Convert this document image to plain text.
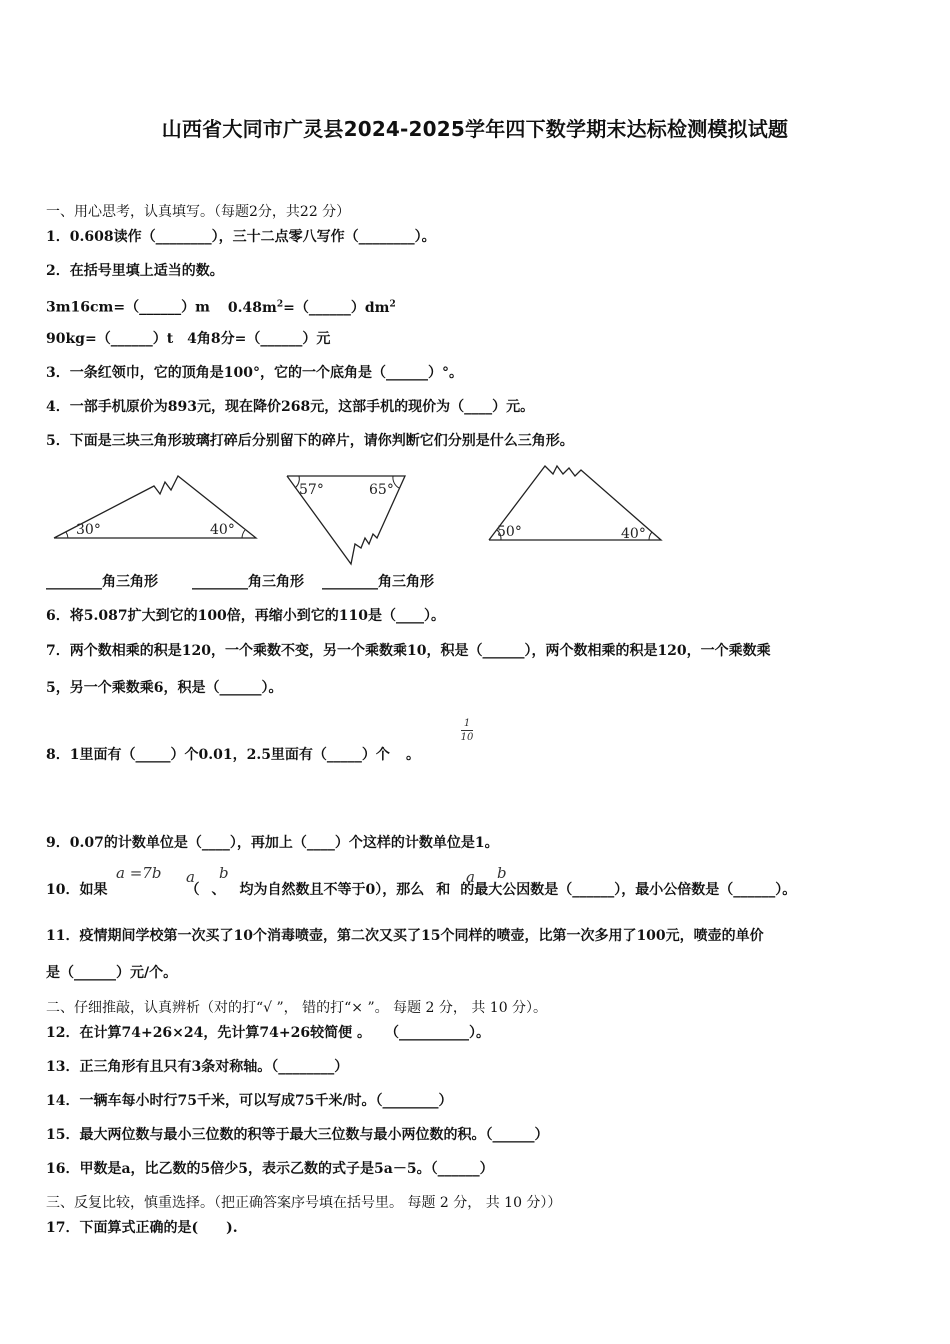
山西省大同市广灵县2024-2025学年四下数学期末达标检测模拟试题
一、用心思考，认真填写。（每题2分，共22 分）
1．0.608读作（________），三十二点零八写作（________）。
2．在括号里填上适当的数。
3m16cm=（______）m $0.48m^2=(\_\_\_\_\_\_)dm^2$
90kg=（______）t 4角8分=（______）元
3．一条红领巾，它的顶角是100°，它的一个底角是（______）°。
4．一部手机原价为893元，现在降价268元，这部手机的现价为（____）元。
5．下面是三块三角形玻璃打碎后分别留下的碎片，请你判断它们分别是什么三角形。
30°	40°
57°	65°
50°	40°
________角三角形 ________角三角形 ________角三角形
6．将5.087扩大到它的100倍，再缩小到它的110是（____）。
7．两个数相乘的积是120，一个乘数不变，另一个乘数乘10，积是（______），两个数相乘的积是120，一个乘数乘
5，另一个乘数乘6，积是（______）。
8．1里面有（_____）个0.01，2.5里面有（_____）个 。
1
10
9．0.07的计数单位是（____），再加上（____）个这样的计数单位是1。
10．如果	（ 、 均为自然数且不等于0），那么 和 的最大公因数是（______），最小公倍数是（______）。
a =7b a b	a b
11．疫情期间学校第一次买了10个消毒喷壶，第二次又买了15个同样的喷壶，比第一次多用了100元，喷壶的单价
是（______）元/个。
二、仔细推敲，认真辨析（对的打“√ ”， 错的打“× ”。 每题 2 分， 共 10 分）。
12．在计算74+26×24，先计算74+26较简便 。　　（__________）。
13．正三角形有且只有3条对称轴。（________）
14．一辆车每小时行75千米，可以写成75千米/时。（________）
15．最大两位数与最小三位数的积等于最大三位数与最小两位数的积。（______）
16．甲数是a，比乙数的5倍少5，表示乙数的式子是5a－5。（______）
三、反复比较，慎重选择。（把正确答案序号填在括号里。 每题 2 分， 共 10 分））
17．下面算式正确的是(　　).
